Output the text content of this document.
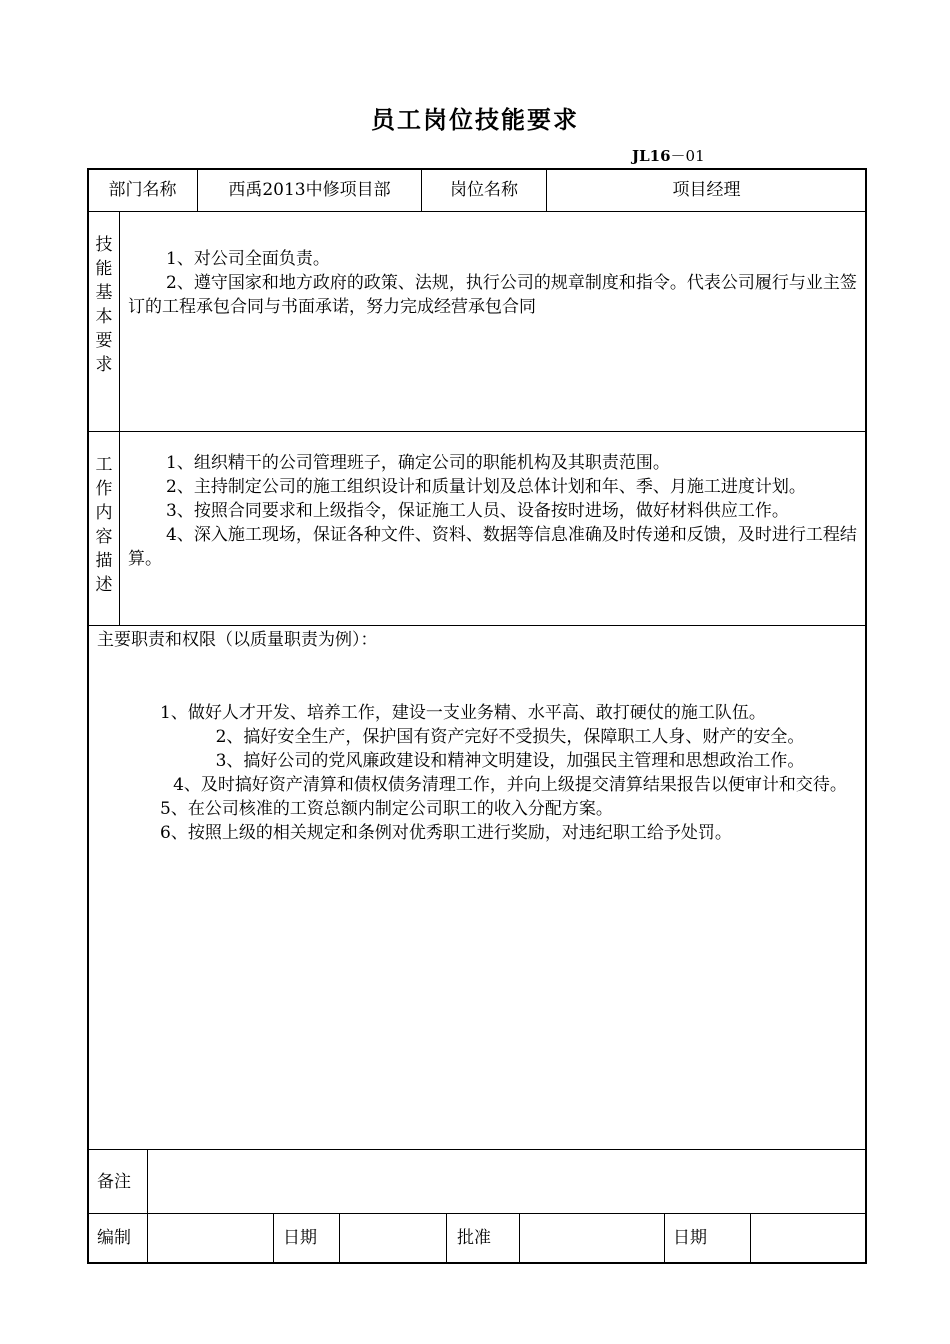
员工岗位技能要求
JL16－01
部门名称	西禹2013中修项目部	岗位名称	项目经理
技能基本要求

1、对公司全面负责。

2、遵守国家和地方政府的政策、法规，执行公司的规章制度和指令。代表公司履行与业主签订的工程承包合同与书面承诺，努力完成经营承包合同

工作内容描述

1、组织精干的公司管理班子，确定公司的职能机构及其职责范围。

2、主持制定公司的施工组织设计和质量计划及总体计划和年、季、月施工进度计划。

3、按照合同要求和上级指令，保证施工人员、设备按时进场，做好材料供应工作。

4、深入施工现场，保证各种文件、资料、数据等信息准确及时传递和反馈，及时进行工程结算。

主要职责和权限（以质量职责为例）：

1、做好人才开发、培养工作，建设一支业务精、水平高、敢打硬仗的施工队伍。

2、搞好安全生产，保护国有资产完好不受损失，保障职工人身、财产的安全。

3、搞好公司的党风廉政建设和精神文明建设，加强民主管理和思想政治工作。

4、及时搞好资产清算和债权债务清理工作，并向上级提交清算结果报告以便审计和交待。

5、在公司核准的工资总额内制定公司职工的收入分配方案。

6、按照上级的相关规定和条例对优秀职工进行奖励，对违纪职工给予处罚。

备注
编制	日期	批准	日期
